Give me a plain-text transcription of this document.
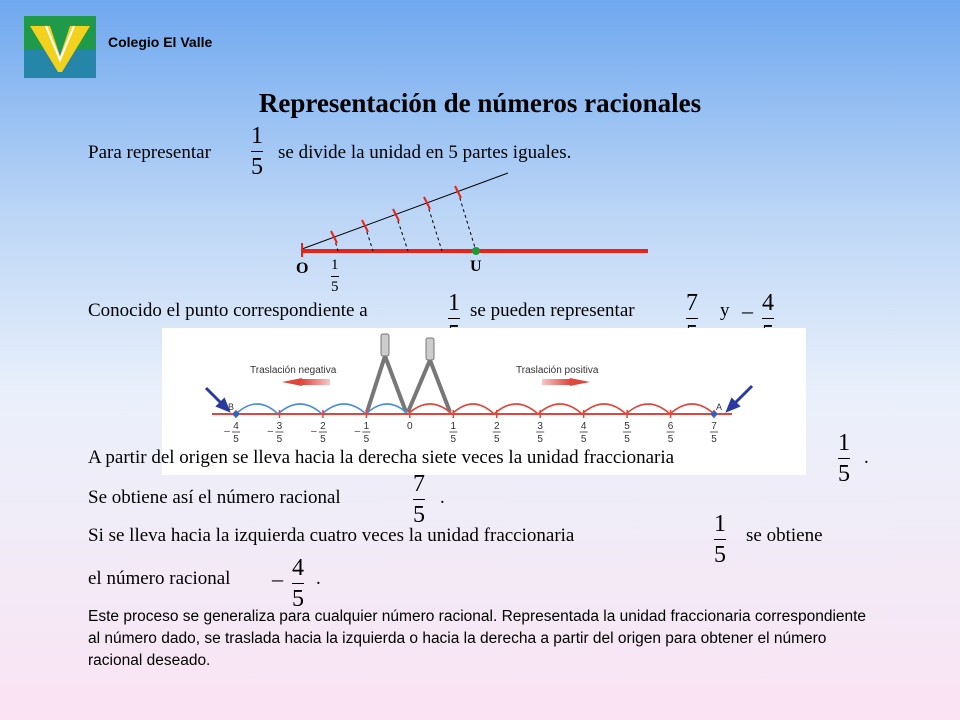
Colegio El Valle
Representación de números racionales
Para representar
1
5
se divide la unidad en 5 partes iguales.
O	U
1
5
Conocido el punto correspondiente a	1 se pueden representar 7 y – 4
– 4
5
– 3
5
– 2
5
– 1
5
0	1
5
2
5
3
5
4
5
5
5
6
5
7
5
Traslación negativa	Traslación positiva
B	A
A partir del origen se lleva hacia la derecha siete veces la unidad fraccionaria
1
5
.
Se obtiene así el número racional
7
5
.
Si se lleva hacia la izquierda cuatro veces la unidad fraccionaria	1
5
se obtiene
el número racional – 4
5
.
Este proceso se generaliza para cualquier número racional. Representada la unidad fraccionaria correspondiente al número dado, se traslada hacia la izquierda o hacia la derecha a partir del origen para obtener el número racional deseado.
